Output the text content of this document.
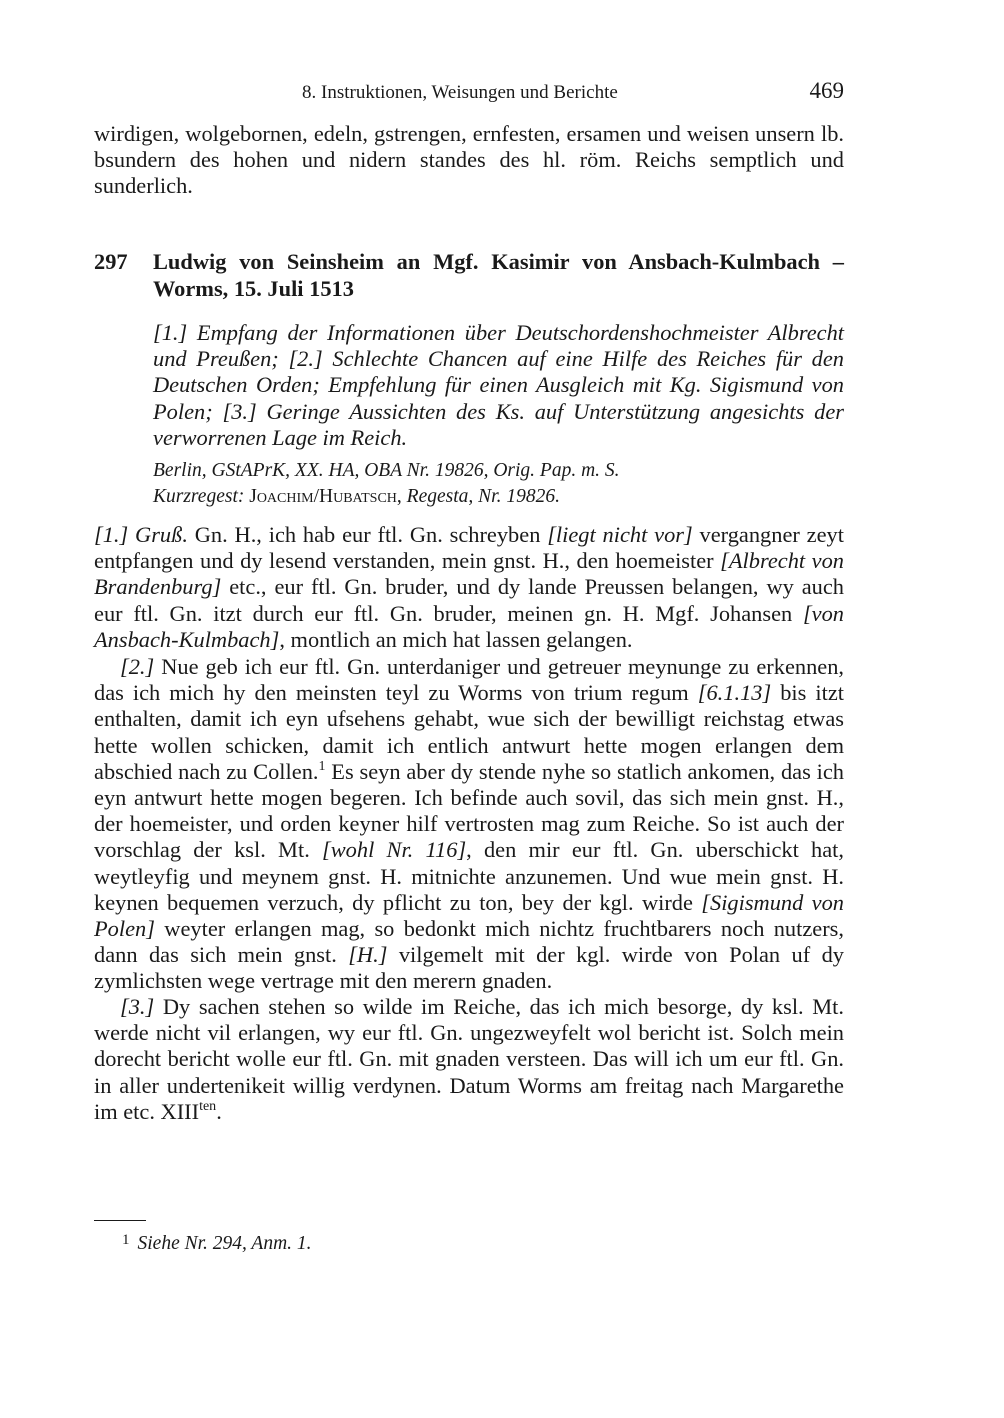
8. Instruktionen, Weisungen und Berichte	469
wirdigen, wolgebornen, edeln, gstrengen, ernfesten, ersamen und weisen unsern lb. bsundern des hohen und nidern standes des hl. röm. Reichs semptlich und sunderlich.
297 Ludwig von Seinsheim an Mgf. Kasimir von Ansbach-Kulmbach – Worms, 15. Juli 1513
[1.] Empfang der Informationen über Deutschordenshochmeister Albrecht und Preußen; [2.] Schlechte Chancen auf eine Hilfe des Reiches für den Deutschen Orden; Empfehlung für einen Ausgleich mit Kg. Sigismund von Polen; [3.] Geringe Aussichten des Ks. auf Unterstützung angesichts der verworrenen Lage im Reich.
Berlin, GStAPrK, XX. HA, OBA Nr. 19826, Orig. Pap. m. S.
Kurzregest: Joachim/Hubatsch, Regesta, Nr. 19826.
[1.] Gruß. Gn. H., ich hab eur ftl. Gn. schreyben [liegt nicht vor] vergangner zeyt entpfangen und dy lesend verstanden, mein gnst. H., den hoemeister [Albrecht von Brandenburg] etc., eur ftl. Gn. bruder, und dy lande Preussen belangen, wy auch eur ftl. Gn. itzt durch eur ftl. Gn. bruder, meinen gn. H. Mgf. Johansen [von Ansbach-Kulmbach], montlich an mich hat lassen gelangen.
[2.] Nue geb ich eur ftl. Gn. unterdaniger und getreuer meynunge zu erkennen, das ich mich hy den meinsten teyl zu Worms von trium regum [6.1.13] bis itzt enthalten, damit ich eyn ufsehens gehabt, wue sich der bewilligt reichstag etwas hette wollen schicken, damit ich entlich antwurt hette mogen erlangen dem abschied nach zu Collen.$^1$ Es seyn aber dy stende nyhe so statlich ankomen, das ich eyn antwurt hette mogen begeren. Ich befinde auch sovil, das sich mein gnst. H., der hoemeister, und orden keyner hilf vertrosten mag zum Reiche. So ist auch der vorschlag der ksl. Mt. [wohl Nr. 116], den mir eur ftl. Gn. uberschickt hat, weytleyfig und meynem gnst. H. mitnichte anzunemen. Und wue mein gnst. H. keynen bequemen verzuch, dy pflicht zu ton, bey der kgl. wirde [Sigismund von Polen] weyter erlangen mag, so bedonkt mich nichtz fruchtbarers noch nutzers, dann das sich mein gnst. [H.] vilgemelt mit der kgl. wirde von Polan uf dy zymlichsten wege vertrage mit den merern gnaden.
[3.] Dy sachen stehen so wilde im Reiche, das ich mich besorge, dy ksl. Mt. werde nicht vil erlangen, wy eur ftl. Gn. ungezweyfelt wol bericht ist. Solch mein dorecht bericht wolle eur ftl. Gn. mit gnaden versteen. Das will ich um eur ftl. Gn. in aller undertenikeit willig verdynen. Datum Worms am freitag nach Margarethe im etc. $XIII^{ten}$.
$^1$ Siehe Nr. 294, Anm. 1.
